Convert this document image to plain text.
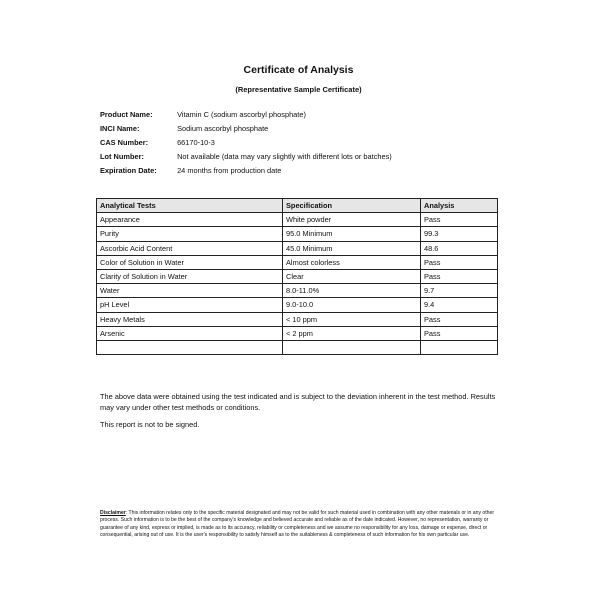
Certificate of Analysis
(Representative Sample Certificate)
Product Name:	Vitamin C (sodium ascorbyl phosphate)
INCI Name:	Sodium ascorbyl phosphate
CAS Number:	66170-10-3
Lot Number:	Not available (data may vary slightly with different lots or batches)
Expiration Date:	24 months from production date
Analytical Tests	Specification	Analysis
Appearance	White powder	Pass
Purity	95.0 Minimum	99.3
Ascorbic Acid Content	45.0 Minimum	48.6
Color of Solution in Water	Almost colorless	Pass
Clarity of Solution in Water	Clear	Pass
Water	8.0-11.0%	9.7
pH Level	9.0-10.0	9.4
Heavy Metals	< 10 ppm	Pass
Arsenic	< 2 ppm	Pass

The above data were obtained using the test indicated and is subject to the deviation inherent in the test method. Results may vary under other test methods or conditions.
This report is not to be signed.
Disclaimer: This information relates only to the specific material designated and may not be valid for such material used in combination with any other materials or in any other process. Such information is to be the best of the company's knowledge and believed accurate and reliable as of the date indicated. However, no representation, warranty or guarantee of any kind, express or implied, is made as to its accuracy, reliability or completeness and we assume no responsibility for any loss, damage or expense, direct or consequential, arising out of use. It is the user's responsibility to satisfy himself as to the suitableness & completeness of such information for his own particular use.
